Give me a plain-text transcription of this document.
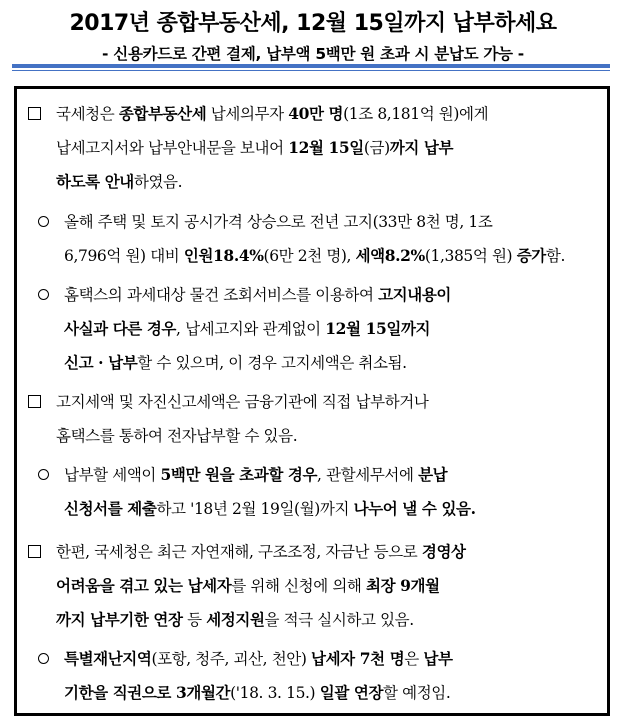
2017년 종합부동산세, 12월 15일까지 납부하세요
- 신용카드로 간편 결제, 납부액 5백만 원 초과 시 분납도 가능 -
국세청은 종합부동산세 납세의무자 40만 명(1조 8,181억 원)에게
납세고지서와 납부안내문을 보내어 12월 15일(금)까지 납부
하도록 안내하였음.
올해 주택 및 토지 공시가격 상승으로 전년 고지(33만 8천 명, 1조
6,796억 원) 대비 인원18.4%(6만 2천 명), 세액8.2%(1,385억 원) 증가함.
홈택스의 과세대상 물건 조회서비스를 이용하여 고지내용이
사실과 다른 경우, 납세고지와 관계없이 12월 15일까지
신고 · 납부할 수 있으며, 이 경우 고지세액은 취소됨.
고지세액 및 자진신고세액은 금융기관에 직접 납부하거나
홈택스를 통하여 전자납부할 수 있음.
납부할 세액이 5백만 원을 초과할 경우, 관할세무서에 분납
신청서를 제출하고 '18년 2월 19일(월)까지 나누어 낼 수 있음.
한편, 국세청은 최근 자연재해, 구조조정, 자금난 등으로 경영상
어려움을 겪고 있는 납세자를 위해 신청에 의해 최장 9개월
까지 납부기한 연장 등 세정지원을 적극 실시하고 있음.
특별재난지역(포항, 청주, 괴산, 천안) 납세자 7천 명은 납부
기한을 직권으로 3개월간('18. 3. 15.) 일괄 연장할 예정임.
